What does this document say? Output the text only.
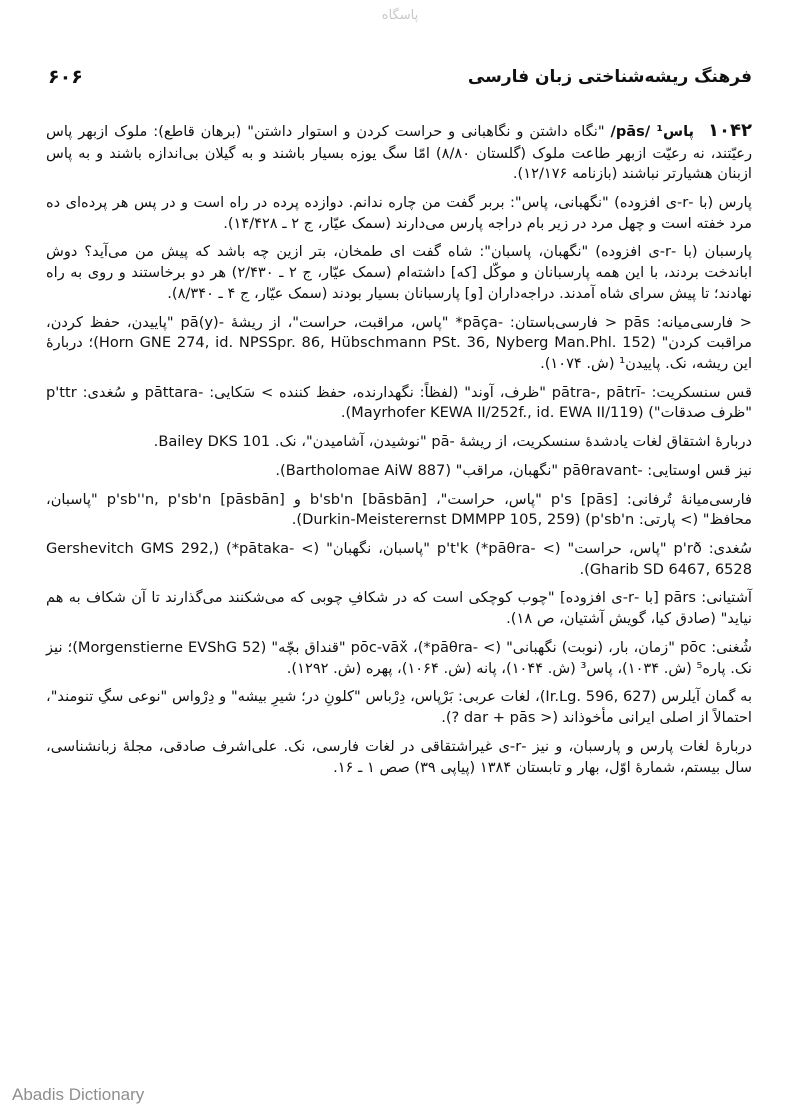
پاسگاه
۶۰۶	فرهنگ ریشه‌شناختی زبان فارسی

۱۰۴۲پاس¹ /pās/ "نگاه داشتن و نگاهبانی و حراست کردن و استوار داشتن" (برهان قاطع): ملوک ازبهر پاس رعیّتند، نه رعیّت ازبهر طاعت ملوک (گلستان ۸/۸۰) امّا سگ یوزه بسیار باشند و به گیلان بی‌اندازه باشند و به پاس ازبنان هشیارتر نباشند (بازنامه ۱۲/۱۷۶).

پارس (با -r-ی افزوده) "نگهبانی، پاس": بربر گفت من چاره ندانم. دوازده پرده در راه است و در پس هر پرده‌ای ده مرد خفته است و چهل مرد در زیر بام دراجه پارس می‌دارند (سمک عیّار، ج ۲ ـ ۱۴/۴۲۸).

پارسبان (با -r-ی افزوده) "نگهبان، پاسبان": شاه گفت ای طمخان، بتر ازین چه باشد که پیش من می‌آید؟ دوش اباندخت بردند، با این همه پارسبانان و موکّل [که] داشته‌ام (سمک عیّار، ج ۲ ـ ۲/۴۳۰) هر دو برخاستند و روی به راه نهادند؛ تا پیش سرای شاه آمدند. دراجه‌داران [و] پارسبانان بسیار بودند (سمک عیّار، ج ۴ ـ ۸/۳۴۰).

< فارسی‌میانه: pās < فارسی‌باستان: -pāça* "پاس، مراقبت، حراست"، از ریشهٔ -pā(y) "پاییدن، حفظ کردن، مراقبت کردن" (Horn GNE 274, id. NPSSpr. 86, Hübschmann PSt. 36, Nyberg Man.Phl. 152)؛ دربارهٔ این ریشه، نک. پاییدن¹ (ش. ۱۰۷۴).

قس سنسکریت: -pātra-, pātrī "ظرف، آوند" (لفظاً: نگهدارنده، حفظ کننده > سَکایی: -pāttara و سُغدی: p'ttr "ظرف صدقات") (Mayrhofer KEWA II/252f., id. EWA II/119).

دربارهٔ اشتقاق لغات یادشدهٔ سنسکریت، از ریشهٔ -pā "نوشیدن، آشامیدن"، نک. Bailey DKS 101.

نیز قس اوستایی: -pāθravant "نگهبان، مراقب" (Bartholomae AiW 887).

فارسی‌میانهٔ تُرفانی: p's [pās] "پاس، حراست"، b'sb'n [bāsbān] و p'sb''n, p'sb'n [pāsbān] "پاسبان، محافظ" (> پارتی: p'sb'n) (Durkin-Meisterernst DMMPP 105, 259).

سُغدی: p'rð "پاس، حراست" (> -pāθra*) p't'k "پاسبان، نگهبان" (> -pātaka*) (Gershevitch GMS 292, Gharib SD 6467, 6528).

آشتیانی: pārs [با -r-ی افزوده] "چوب کوچکی است که در شکافِ چوبی که می‌شکنند می‌گذارند تا آن شکاف به هم نیاید" (صادق کیا، گویش آشتیان، ص ۱۸).

شُغنی: pōc "زمان، بار، (نوبت) نگهبانی" (> -pāθra*)، pōc-vāx̌ "قنداق بچّه" (Morgenstierne EVShG 52)؛ نیز نک. پاره⁵ (ش. ۱۰۳۴)، پاس³ (ش. ۱۰۴۴)، پانه (ش. ۱۰۶۴)، پهره (ش. ۱۲۹۲).

به گمان آیلرس (Ir.Lg. 596, 627)، لغات عربی: بَرْپاس، دِرْباس "کلونِ در؛ شیرِ بیشه" و دِرْواس "نوعی سگِ تنومند"، احتمالاً از اصلی ایرانی مأخوذاند (< dar + pās ?).

دربارهٔ لغات پارس و پارسبان، و نیز -r-ی غیراشتقاقی در لغات فارسی، نک. علی‌اشرف صادقی، مجلهٔ زبانشناسی، سال بیستم، شمارهٔ اوّل، بهار و تابستان ۱۳۸۴ (پیاپی ۳۹) صص ۱ ـ ۱۶.

Abadis Dictionary
